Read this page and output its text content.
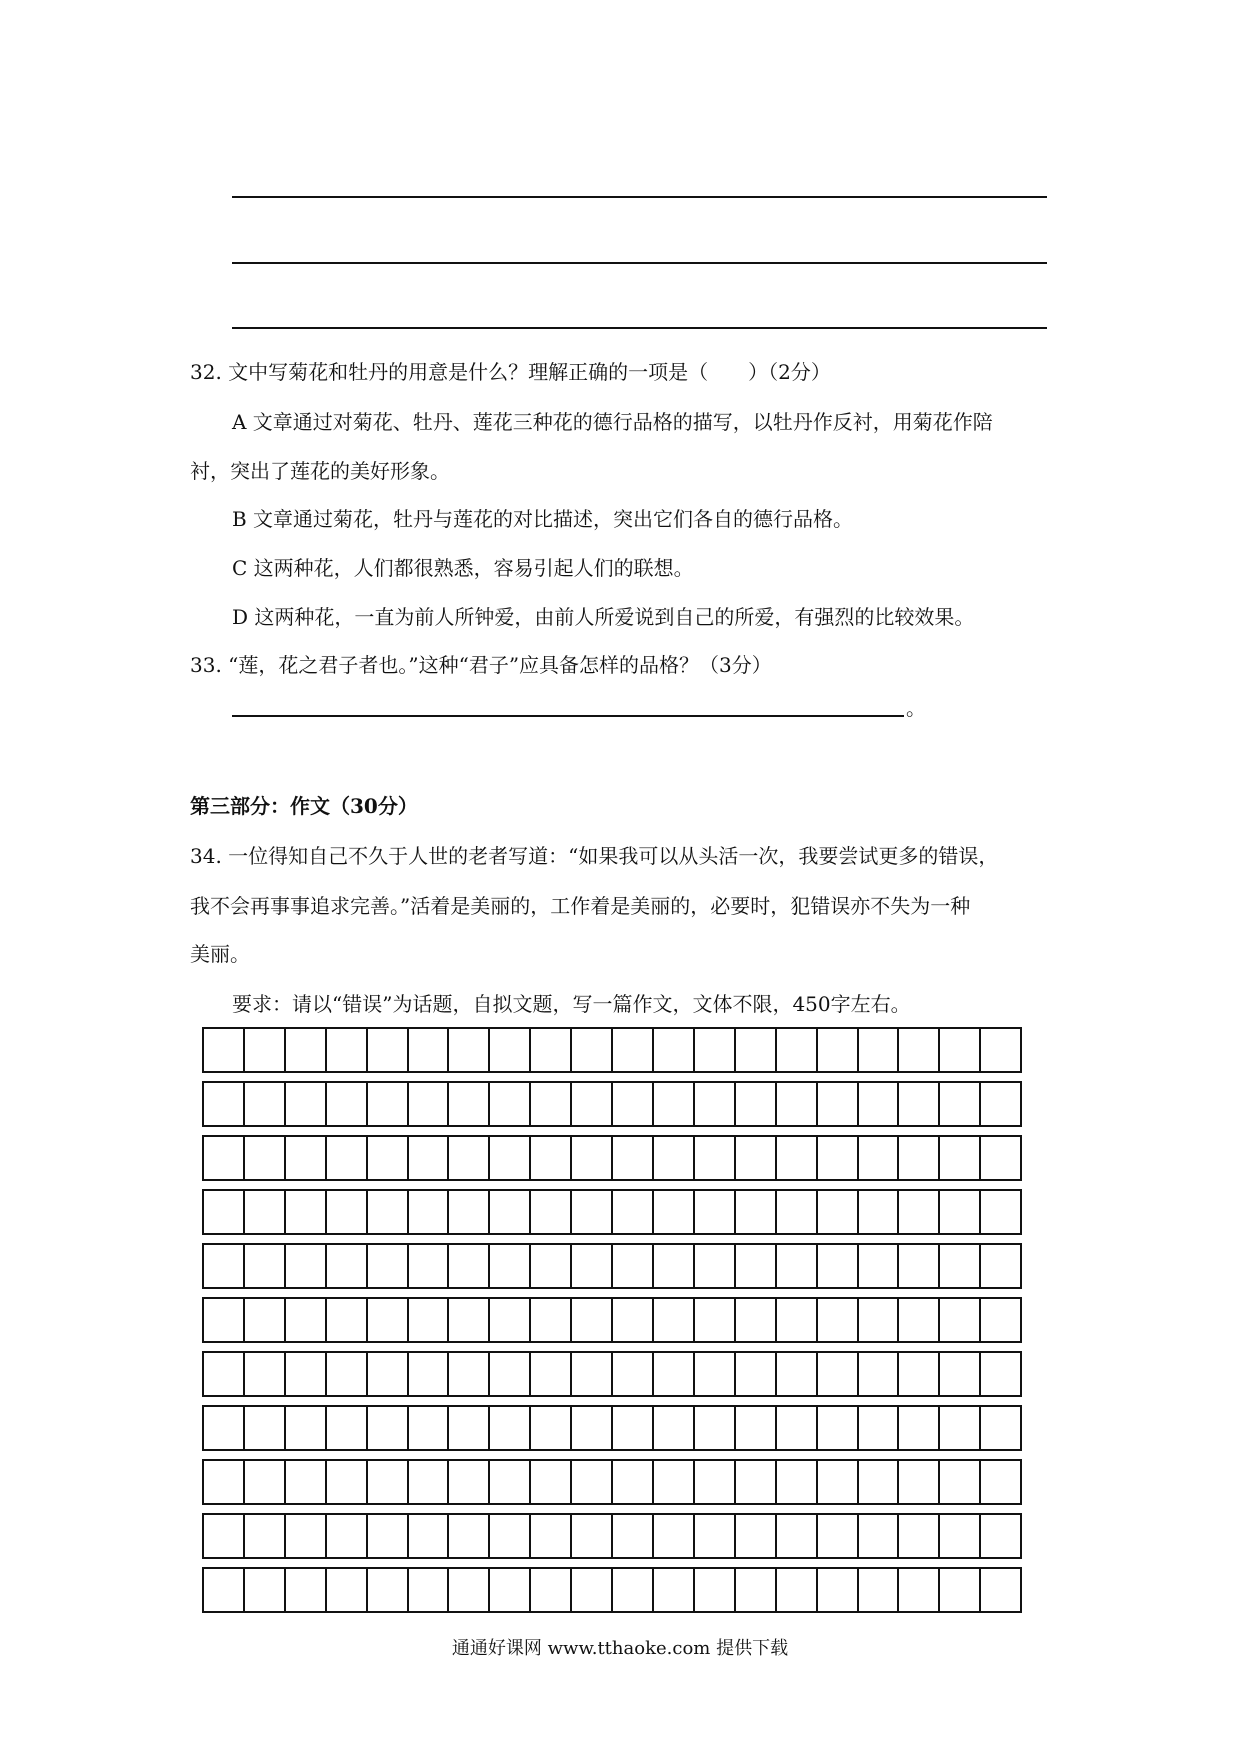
32. 文中写菊花和牡丹的用意是什么？理解正确的一项是（　　）（2分）
A 文章通过对菊花、牡丹、莲花三种花的德行品格的描写，以牡丹作反衬，用菊花作陪
衬，突出了莲花的美好形象。
B 文章通过菊花，牡丹与莲花的对比描述，突出它们各自的德行品格。
C 这两种花，人们都很熟悉，容易引起人们的联想。
D 这两种花，一直为前人所钟爱，由前人所爱说到自己的所爱，有强烈的比较效果。
33. “莲，花之君子者也。”这种“君子”应具备怎样的品格？（3分）
。
第三部分：作文（30分）
34. 一位得知自己不久于人世的老者写道：“如果我可以从头活一次，我要尝试更多的错误，
我不会再事事追求完善。”活着是美丽的，工作着是美丽的，必要时，犯错误亦不失为一种
美丽。
要求：请以“错误”为话题，自拟文题，写一篇作文，文体不限，450字左右。
通通好课网 www.tthaoke.com 提供下载
